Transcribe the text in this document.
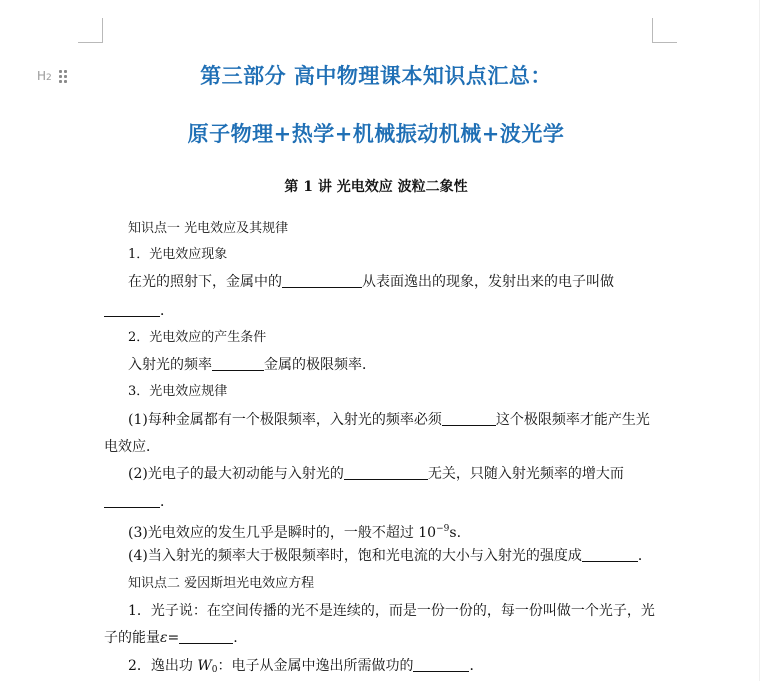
H2	第三部分 高中物理课本知识点汇总：
原子物理+热学+机械振动机械+波光学
第 1 讲 光电效应 波粒二象性
知识点一 光电效应及其规律
1．光电效应现象
在光的照射下，金属中的	从表面逸出的现象，发射出来的电子叫做
．
2．光电效应的产生条件
入射光的频率	金属的极限频率．
3．光电效应规律
(1)每种金属都有一个极限频率，入射光的频率必须	这个极限频率才能产生光
电效应．
(2)光电子的最大初动能与入射光的	无关，只随入射光频率的增大而
．
(3)光电效应的发生几乎是瞬时的，一般不超过 $10^{-9}s$.
(4)当入射光的频率大于极限频率时，饱和光电流的大小与入射光的强度成	．
知识点二 爱因斯坦光电效应方程
1．光子说：在空间传播的光不是连续的，而是一份一份的，每一份叫做一个光子，光
子的能量ε=	.
2．逸出功 W0：电子从金属中逸出所需做功的	．
